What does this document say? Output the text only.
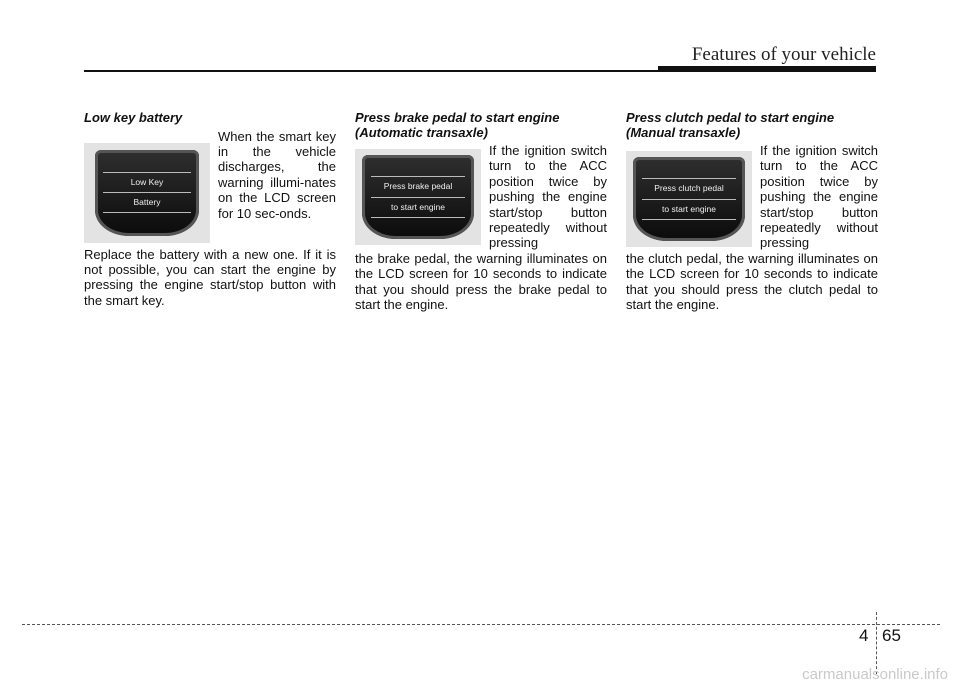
Features of your vehicle
Low key battery
Low Key
Battery

When the smart key in the vehicle discharges, the warning illumi-nates on the LCD screen for 10 sec-onds.

Replace the battery with a new one. If it is not possible, you can start the engine by pressing the engine start/stop button with the smart key.

Press brake pedal to start engine (Automatic transaxle)
Press brake pedal
to start engine

If the ignition switch turn to the ACC position twice by pushing the engine start/stop button repeatedly without pressing

the brake pedal, the warning illuminates on the LCD screen for 10 seconds to indicate that you should press the brake pedal to start the engine.

Press clutch pedal to start engine (Manual transaxle)
Press clutch pedal
to start engine

If the ignition switch turn to the ACC position twice by pushing the engine start/stop button repeatedly without pressing

the clutch pedal, the warning illuminates on the LCD screen for 10 seconds to indicate that you should press the clutch pedal to start the engine.

4 65
carmanualsonline.info
